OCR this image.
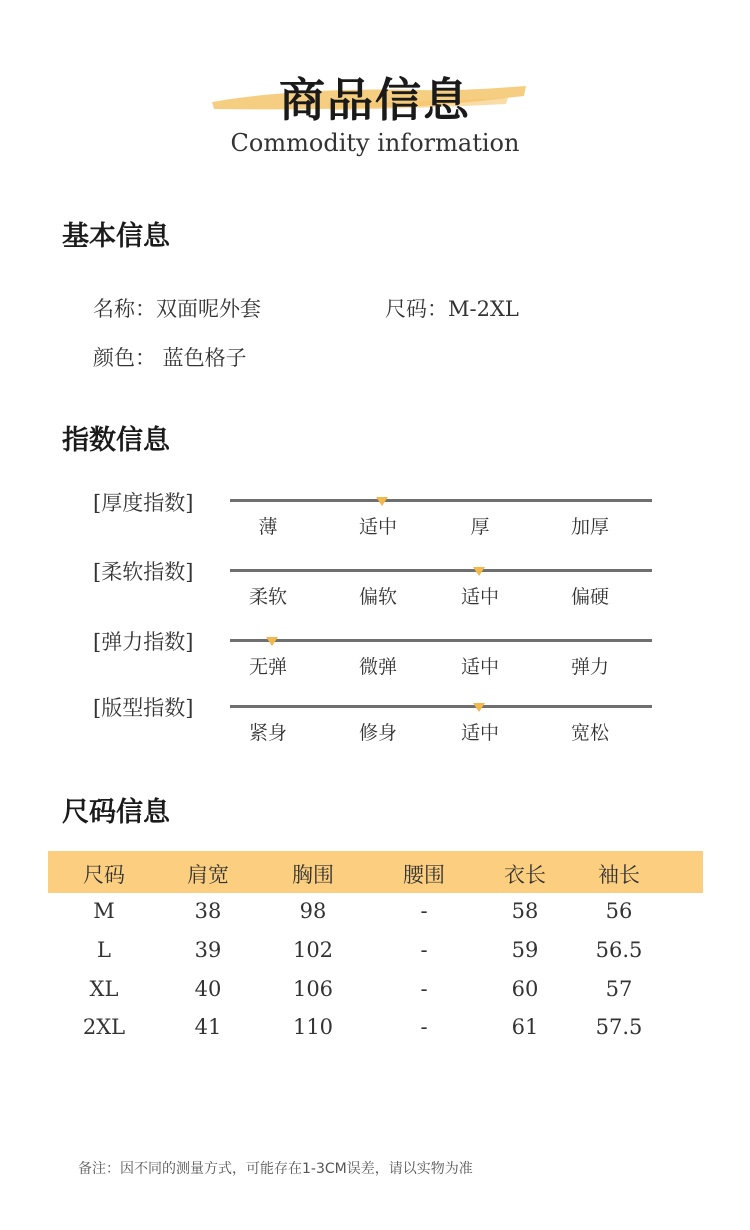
商品信息
Commodity information
基本信息
名称：双面呢外套	尺码：M-2XL
颜色： 蓝色格子
指数信息
[厚度指数]
薄	适中	厚	加厚
[柔软指数]
柔软	偏软	适中	偏硬
[弹力指数]
无弹	微弹	适中	弹力
[版型指数]
紧身	修身	适中	宽松
尺码信息
尺码	肩宽	胸围	腰围	衣长	袖长
M	38	98	-	58	56
L	39	102	-	59	56.5
XL	40	106	-	60	57
2XL	41	110	-	61	57.5
备注：因不同的测量方式，可能存在1-3CM误差，请以实物为准
